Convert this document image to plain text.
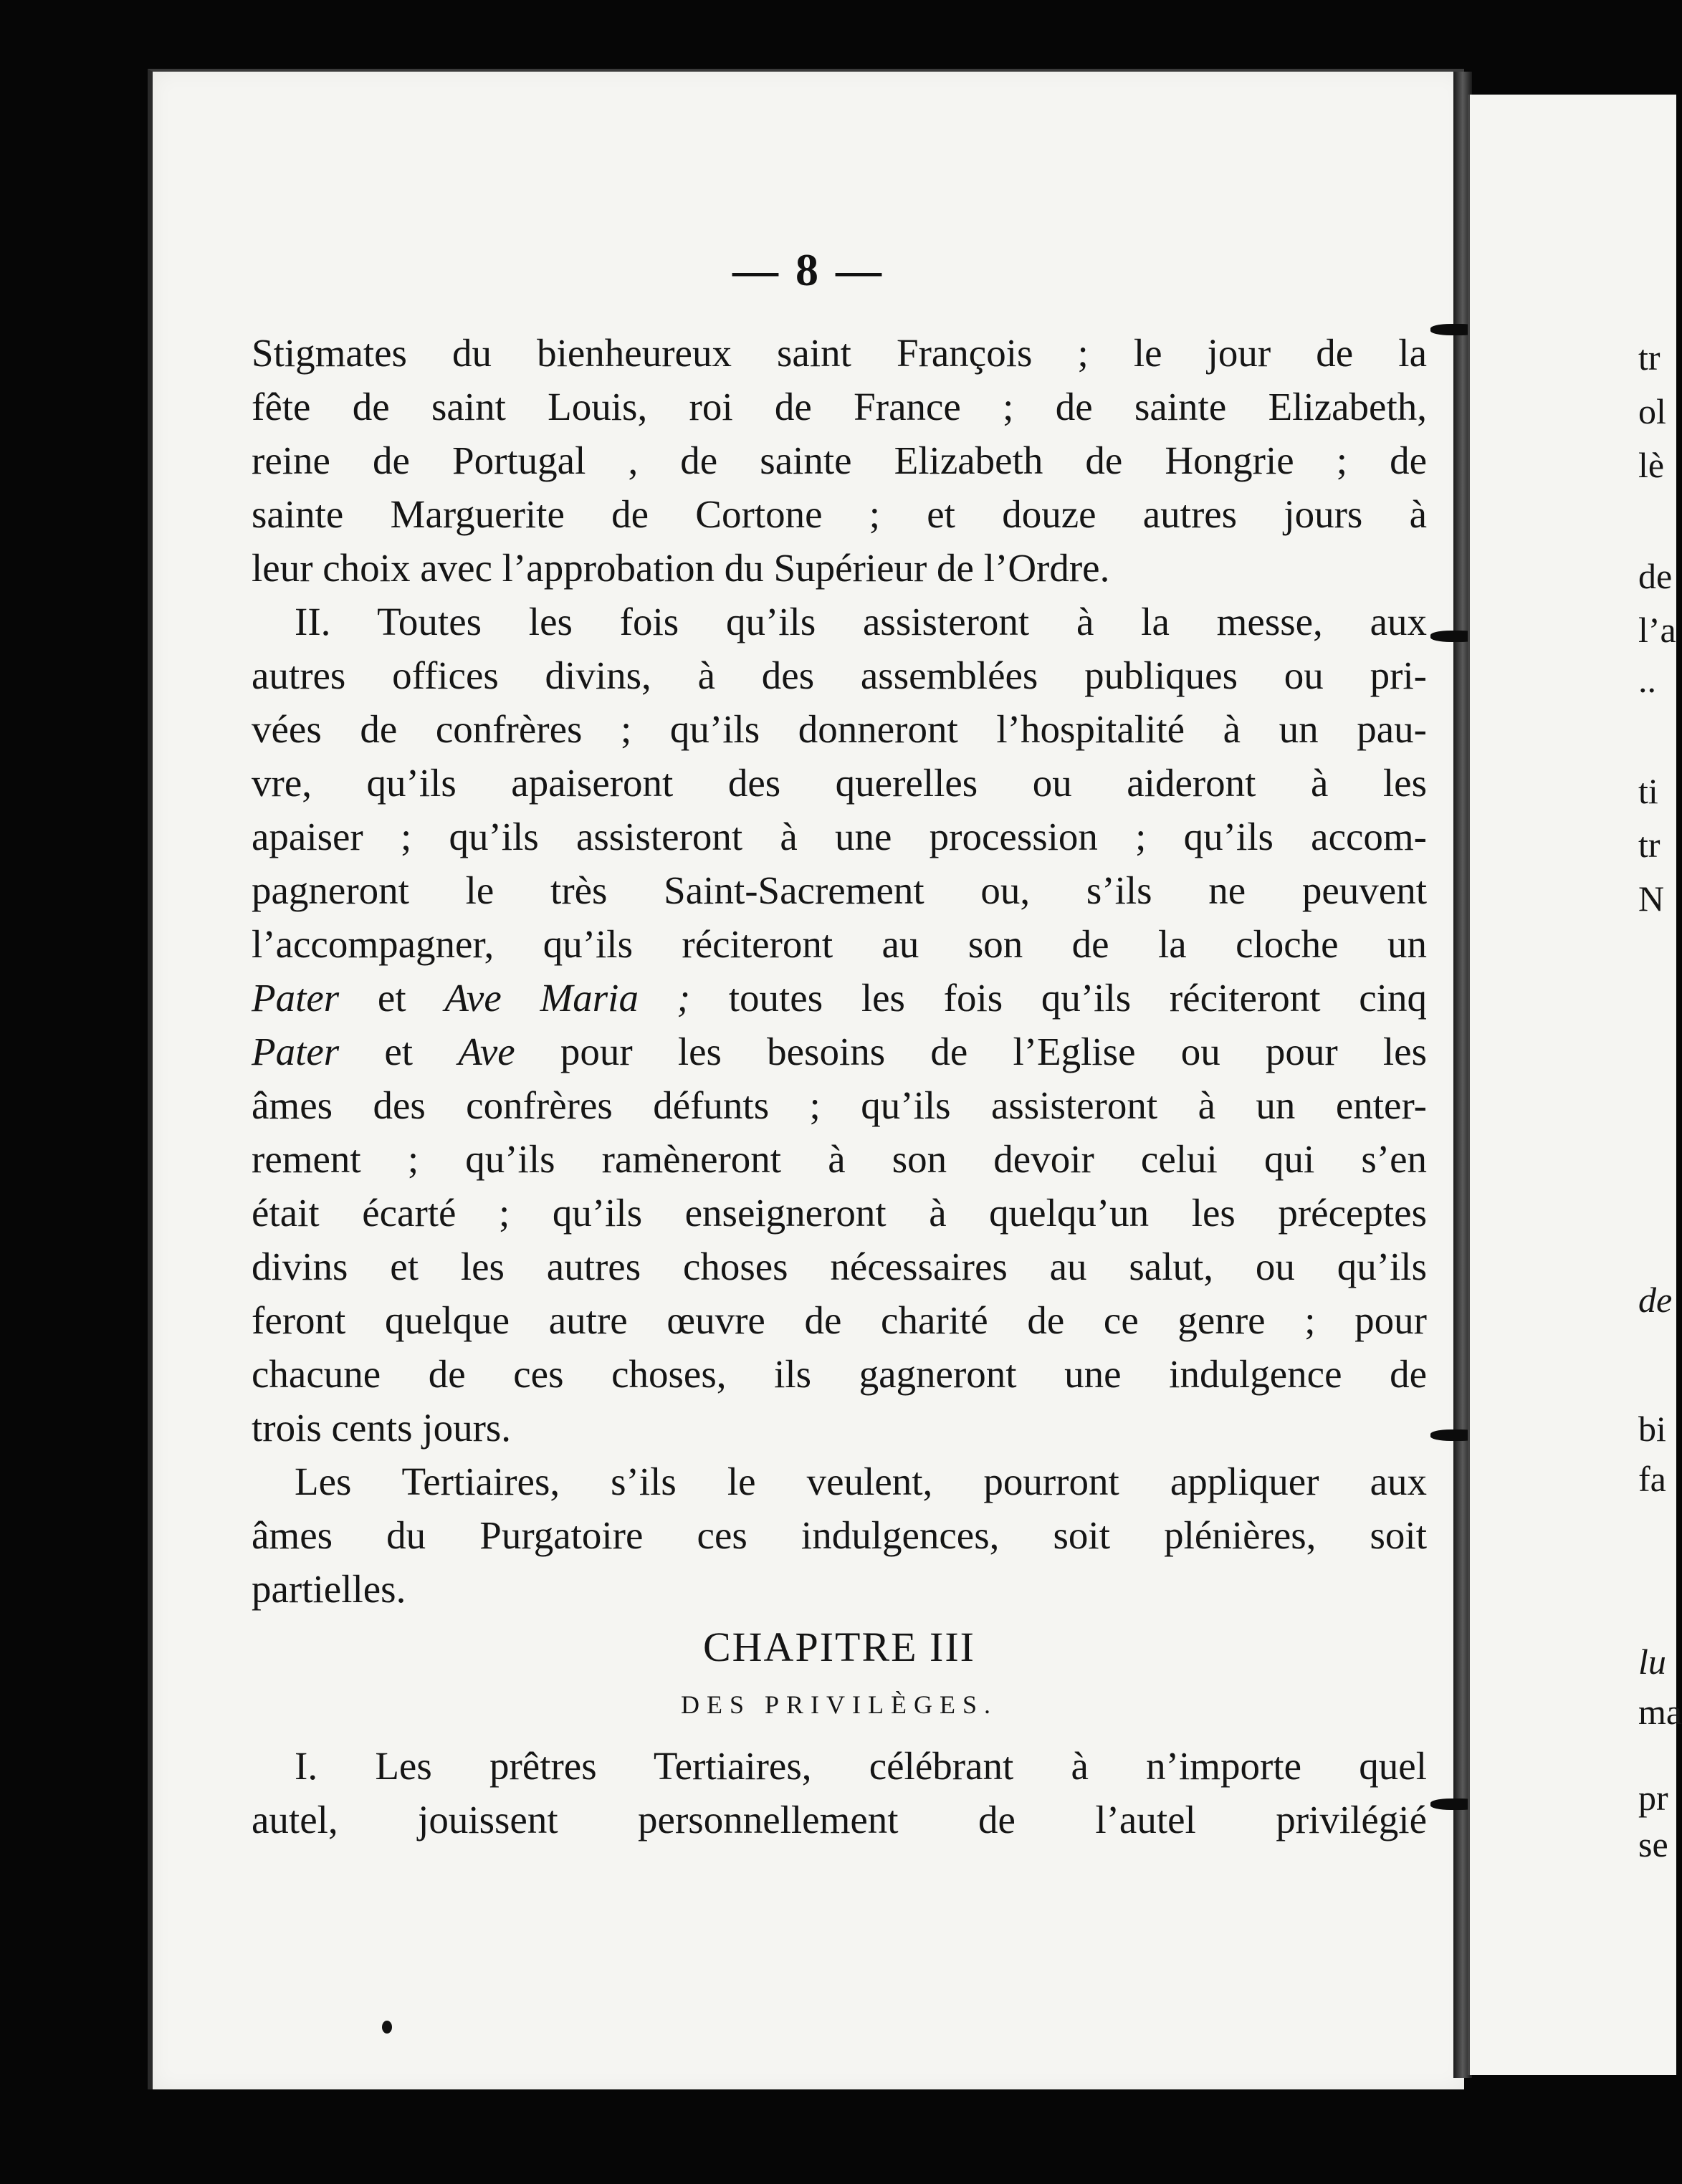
— 8 —
Stigmates du bienheureux saint François ; le jour de la
fête de saint Louis, roi de France ; de sainte Elizabeth,
reine de Portugal , de sainte Elizabeth de Hongrie ; de
sainte Marguerite de Cortone ; et douze autres jours à
leur choix avec l’approbation du Supérieur de l’Ordre.
II. Toutes les fois qu’ils assisteront à la messe, aux
autres offices divins, à des assemblées publiques ou pri-
vées de confrères ; qu’ils donneront l’hospitalité à un pau-
vre, qu’ils apaiseront des querelles ou aideront à les
apaiser ; qu’ils assisteront à une procession ; qu’ils accom-
pagneront le très Saint-Sacrement ou, s’ils ne peuvent
l’accompagner, qu’ils réciteront au son de la cloche un
Pater et Ave Maria ; toutes les fois qu’ils réciteront cinq
Pater et Ave pour les besoins de l’Eglise ou pour les
âmes des confrères défunts ; qu’ils assisteront à un enter-
rement ; qu’ils ramèneront à son devoir celui qui s’en
était écarté ; qu’ils enseigneront à quelqu’un les préceptes
divins et les autres choses nécessaires au salut, ou qu’ils
feront quelque autre œuvre de charité de ce genre ; pour
chacune de ces choses, ils gagneront une indulgence de
trois cents jours.
Les Tertiaires, s’ils le veulent, pourront appliquer aux
âmes du Purgatoire ces indulgences, soit plénières, soit
partielles.
CHAPITRE III
DES PRIVILÈGES.
I. Les prêtres Tertiaires, célébrant à n’importe quel
autel, jouissent personnellement de l’autel privilégié
tr
ol
lè
de
l’a
..
ti
tr
N
de
bi
fa
lu
ma
pr
se
